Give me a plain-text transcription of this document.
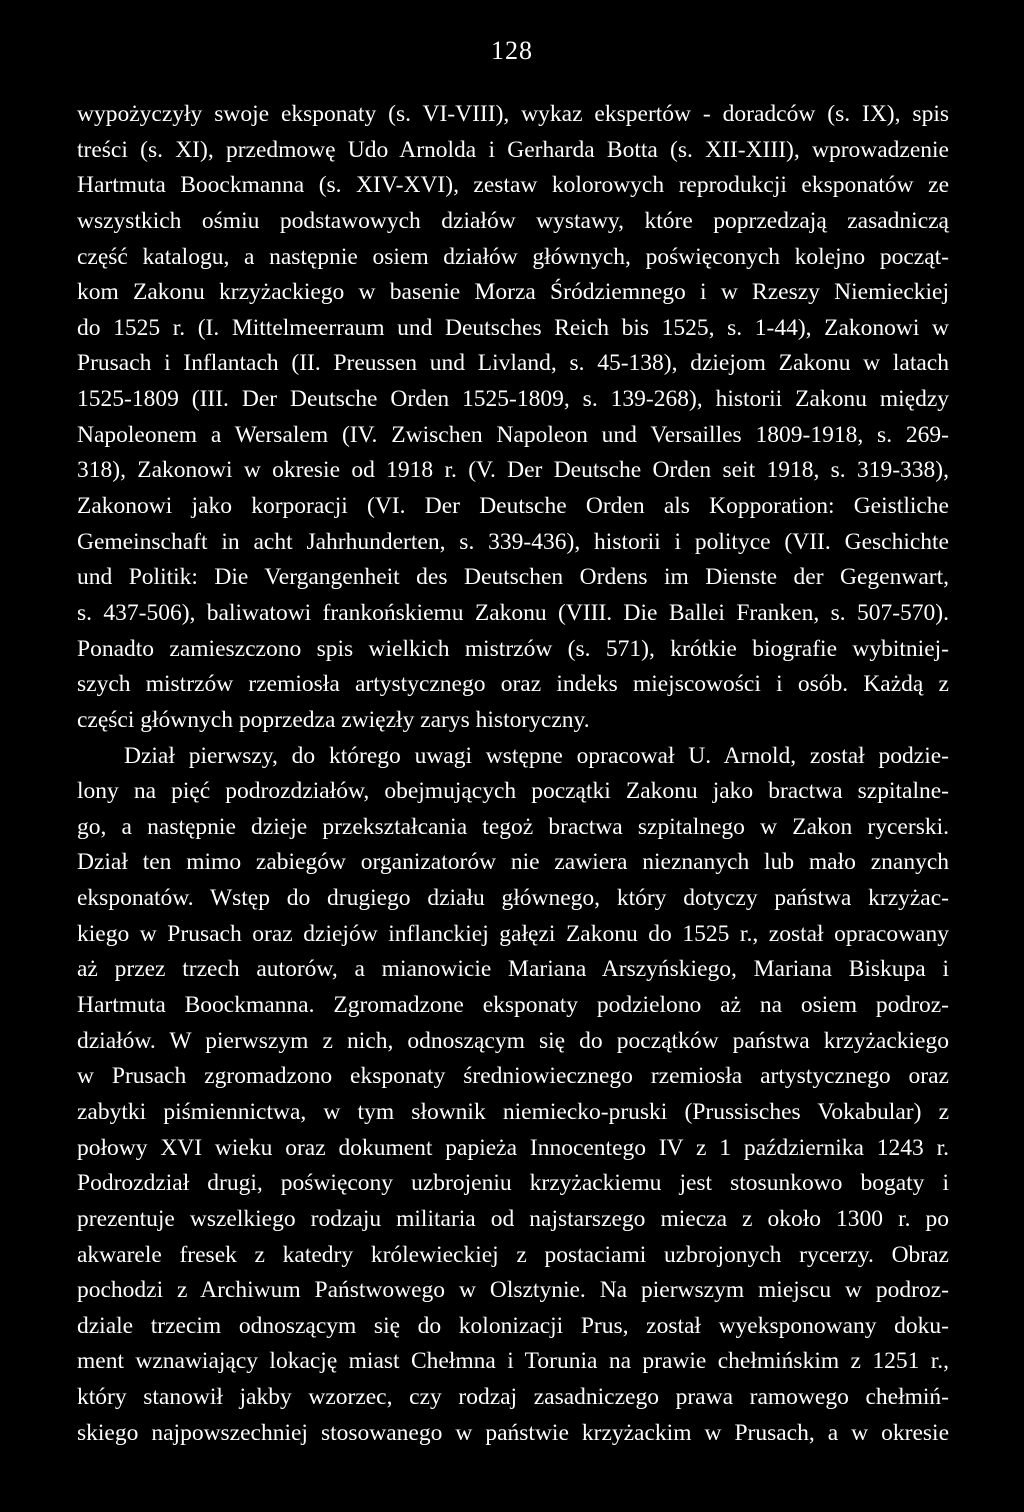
128
wypożyczyły swoje eksponaty (s. VI-VIII), wykaz ekspertów - doradców (s. IX), spis
treści (s. XI), przedmowę Udo Arnolda i Gerharda Botta (s. XII-XIII), wprowadzenie
Hartmuta Boockmanna (s. XIV-XVI), zestaw kolorowych reprodukcji eksponatów ze
wszystkich ośmiu podstawowych działów wystawy, które poprzedzają zasadniczą
część katalogu, a następnie osiem działów głównych, poświęconych kolejno począt-
kom Zakonu krzyżackiego w basenie Morza Śródziemnego i w Rzeszy Niemieckiej
do 1525 r. (I. Mittelmeerraum und Deutsches Reich bis 1525, s. 1-44), Zakonowi w
Prusach i Inflantach (II. Preussen und Livland, s. 45-138), dziejom Zakonu w latach
1525-1809 (III. Der Deutsche Orden 1525-1809, s. 139-268), historii Zakonu między
Napoleonem a Wersalem (IV. Zwischen Napoleon und Versailles 1809-1918, s. 269-
318), Zakonowi w okresie od 1918 r. (V. Der Deutsche Orden seit 1918, s. 319-338),
Zakonowi jako korporacji (VI. Der Deutsche Orden als Kopporation: Geistliche
Gemeinschaft in acht Jahrhunderten, s. 339-436), historii i polityce (VII. Geschichte
und Politik: Die Vergangenheit des Deutschen Ordens im Dienste der Gegenwart,
s. 437-506), baliwatowi frankońskiemu Zakonu (VIII. Die Ballei Franken, s. 507-570).
Ponadto zamieszczono spis wielkich mistrzów (s. 571), krótkie biografie wybitniej-
szych mistrzów rzemiosła artystycznego oraz indeks miejscowości i osób. Każdą z
części głównych poprzedza zwięzły zarys historyczny.
Dział pierwszy, do którego uwagi wstępne opracował U. Arnold, został podzie-
lony na pięć podrozdziałów, obejmujących początki Zakonu jako bractwa szpitalne-
go, a następnie dzieje przekształcania tegoż bractwa szpitalnego w Zakon rycerski.
Dział ten mimo zabiegów organizatorów nie zawiera nieznanych lub mało znanych
eksponatów. Wstęp do drugiego działu głównego, który dotyczy państwa krzyżac-
kiego w Prusach oraz dziejów inflanckiej gałęzi Zakonu do 1525 r., został opracowany
aż przez trzech autorów, a mianowicie Mariana Arszyńskiego, Mariana Biskupa i
Hartmuta Boockmanna. Zgromadzone eksponaty podzielono aż na osiem podroz-
działów. W pierwszym z nich, odnoszącym się do początków państwa krzyżackiego
w Prusach zgromadzono eksponaty średniowiecznego rzemiosła artystycznego oraz
zabytki piśmiennictwa, w tym słownik niemiecko-pruski (Prussisches Vokabular) z
połowy XVI wieku oraz dokument papieża Innocentego IV z 1 października 1243 r.
Podrozdział drugi, poświęcony uzbrojeniu krzyżackiemu jest stosunkowo bogaty i
prezentuje wszelkiego rodzaju militaria od najstarszego miecza z około 1300 r. po
akwarele fresek z katedry królewieckiej z postaciami uzbrojonych rycerzy. Obraz
pochodzi z Archiwum Państwowego w Olsztynie. Na pierwszym miejscu w podroz-
dziale trzecim odnoszącym się do kolonizacji Prus, został wyeksponowany doku-
ment wznawiający lokację miast Chełmna i Torunia na prawie chełmińskim z 1251 r.,
który stanowił jakby wzorzec, czy rodzaj zasadniczego prawa ramowego chełmiń-
skiego najpowszechniej stosowanego w państwie krzyżackim w Prusach, a w okresie
